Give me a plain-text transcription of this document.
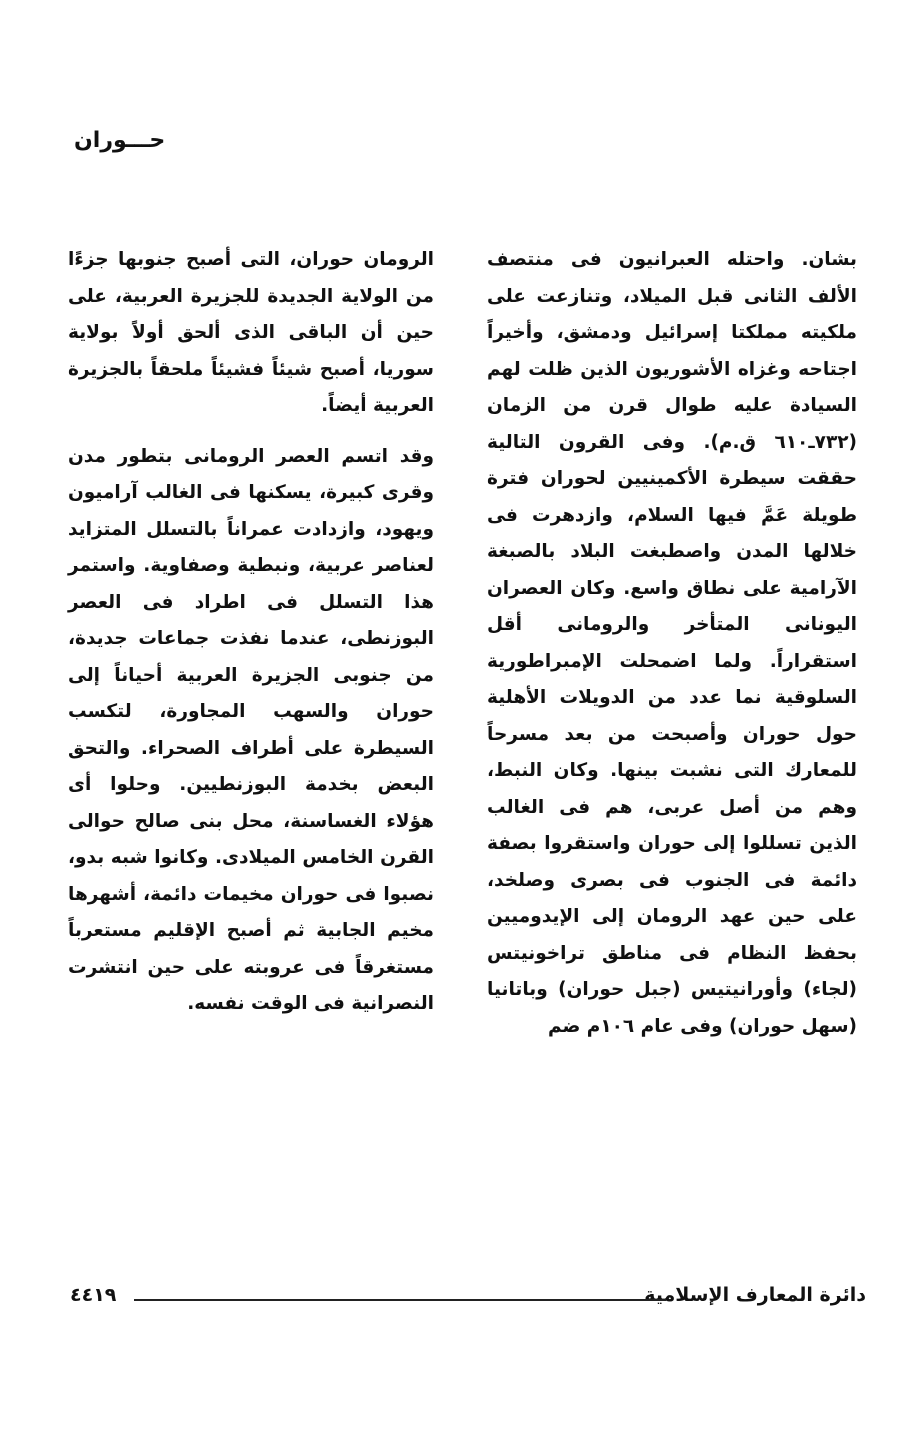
حـــوران

بشان. واحتله العبرانيون فى منتصف الألف الثانى قبل الميلاد، وتنازعت على ملكيته مملكتا إسرائيل ودمشق، وأخيراً اجتاحه وغزاه الأشوريون الذين ظلت لهم السيادة عليه طوال قرن من الزمان (٧٣٢ـ٦١٠ ق.م). وفى القرون التالية حققت سيطرة الأكمينيين لحوران فترة طويلة عَمَّ فيها السلام، وازدهرت فى خلالها المدن واصطبغت البلاد بالصبغة الآرامية على نطاق واسع. وكان العصران اليونانى المتأخر والرومانى أقل استقراراً. ولما اضمحلت الإمبراطورية السلوقية نما عدد من الدويلات الأهلية حول حوران وأصبحت من بعد مسرحاً للمعارك التى نشبت بينها. وكان النبط، وهم من أصل عربى، هم فى الغالب الذين تسللوا إلى حوران واستقروا بصفة دائمة فى الجنوب فى بصرى وصلخد، على حين عهد الرومان إلى الإيدوميين بحفظ النظام فى مناطق تراخونيتس (لجاء) وأورانيتيس (جبل حوران) وباتانيا (سهل حوران) وفى عام ١٠٦م ضم

الرومان حوران، التى أصبح جنوبها جزءًا من الولاية الجديدة للجزيرة العربية، على حين أن الباقى الذى ألحق أولاً بولاية سوريا، أصبح شيئاً فشيئاً ملحقاً بالجزيرة العربية أيضاً.

وقد اتسم العصر الرومانى بتطور مدن وقرى كبيرة، يسكنها فى الغالب آراميون ويهود، وازدادت عمراناً بالتسلل المتزايد لعناصر عربية، ونبطية وصفاوية. واستمر هذا التسلل فى اطراد فى العصر البوزنطى، عندما نفذت جماعات جديدة، من جنوبى الجزيرة العربية أحياناً إلى حوران والسهب المجاورة، لتكسب السيطرة على أطراف الصحراء. والتحق البعض بخدمة البوزنطيين. وحلوا أى هؤلاء الغساسنة، محل بنى صالح حوالى القرن الخامس الميلادى. وكانوا شبه بدو، نصبوا فى حوران مخيمات دائمة، أشهرها مخيم الجابية ثم أصبح الإقليم مستعرباً مستغرقاً فى عروبته على حين انتشرت النصرانية فى الوقت نفسه.

دائرة المعارف الإسلامية
٤٤١٩
